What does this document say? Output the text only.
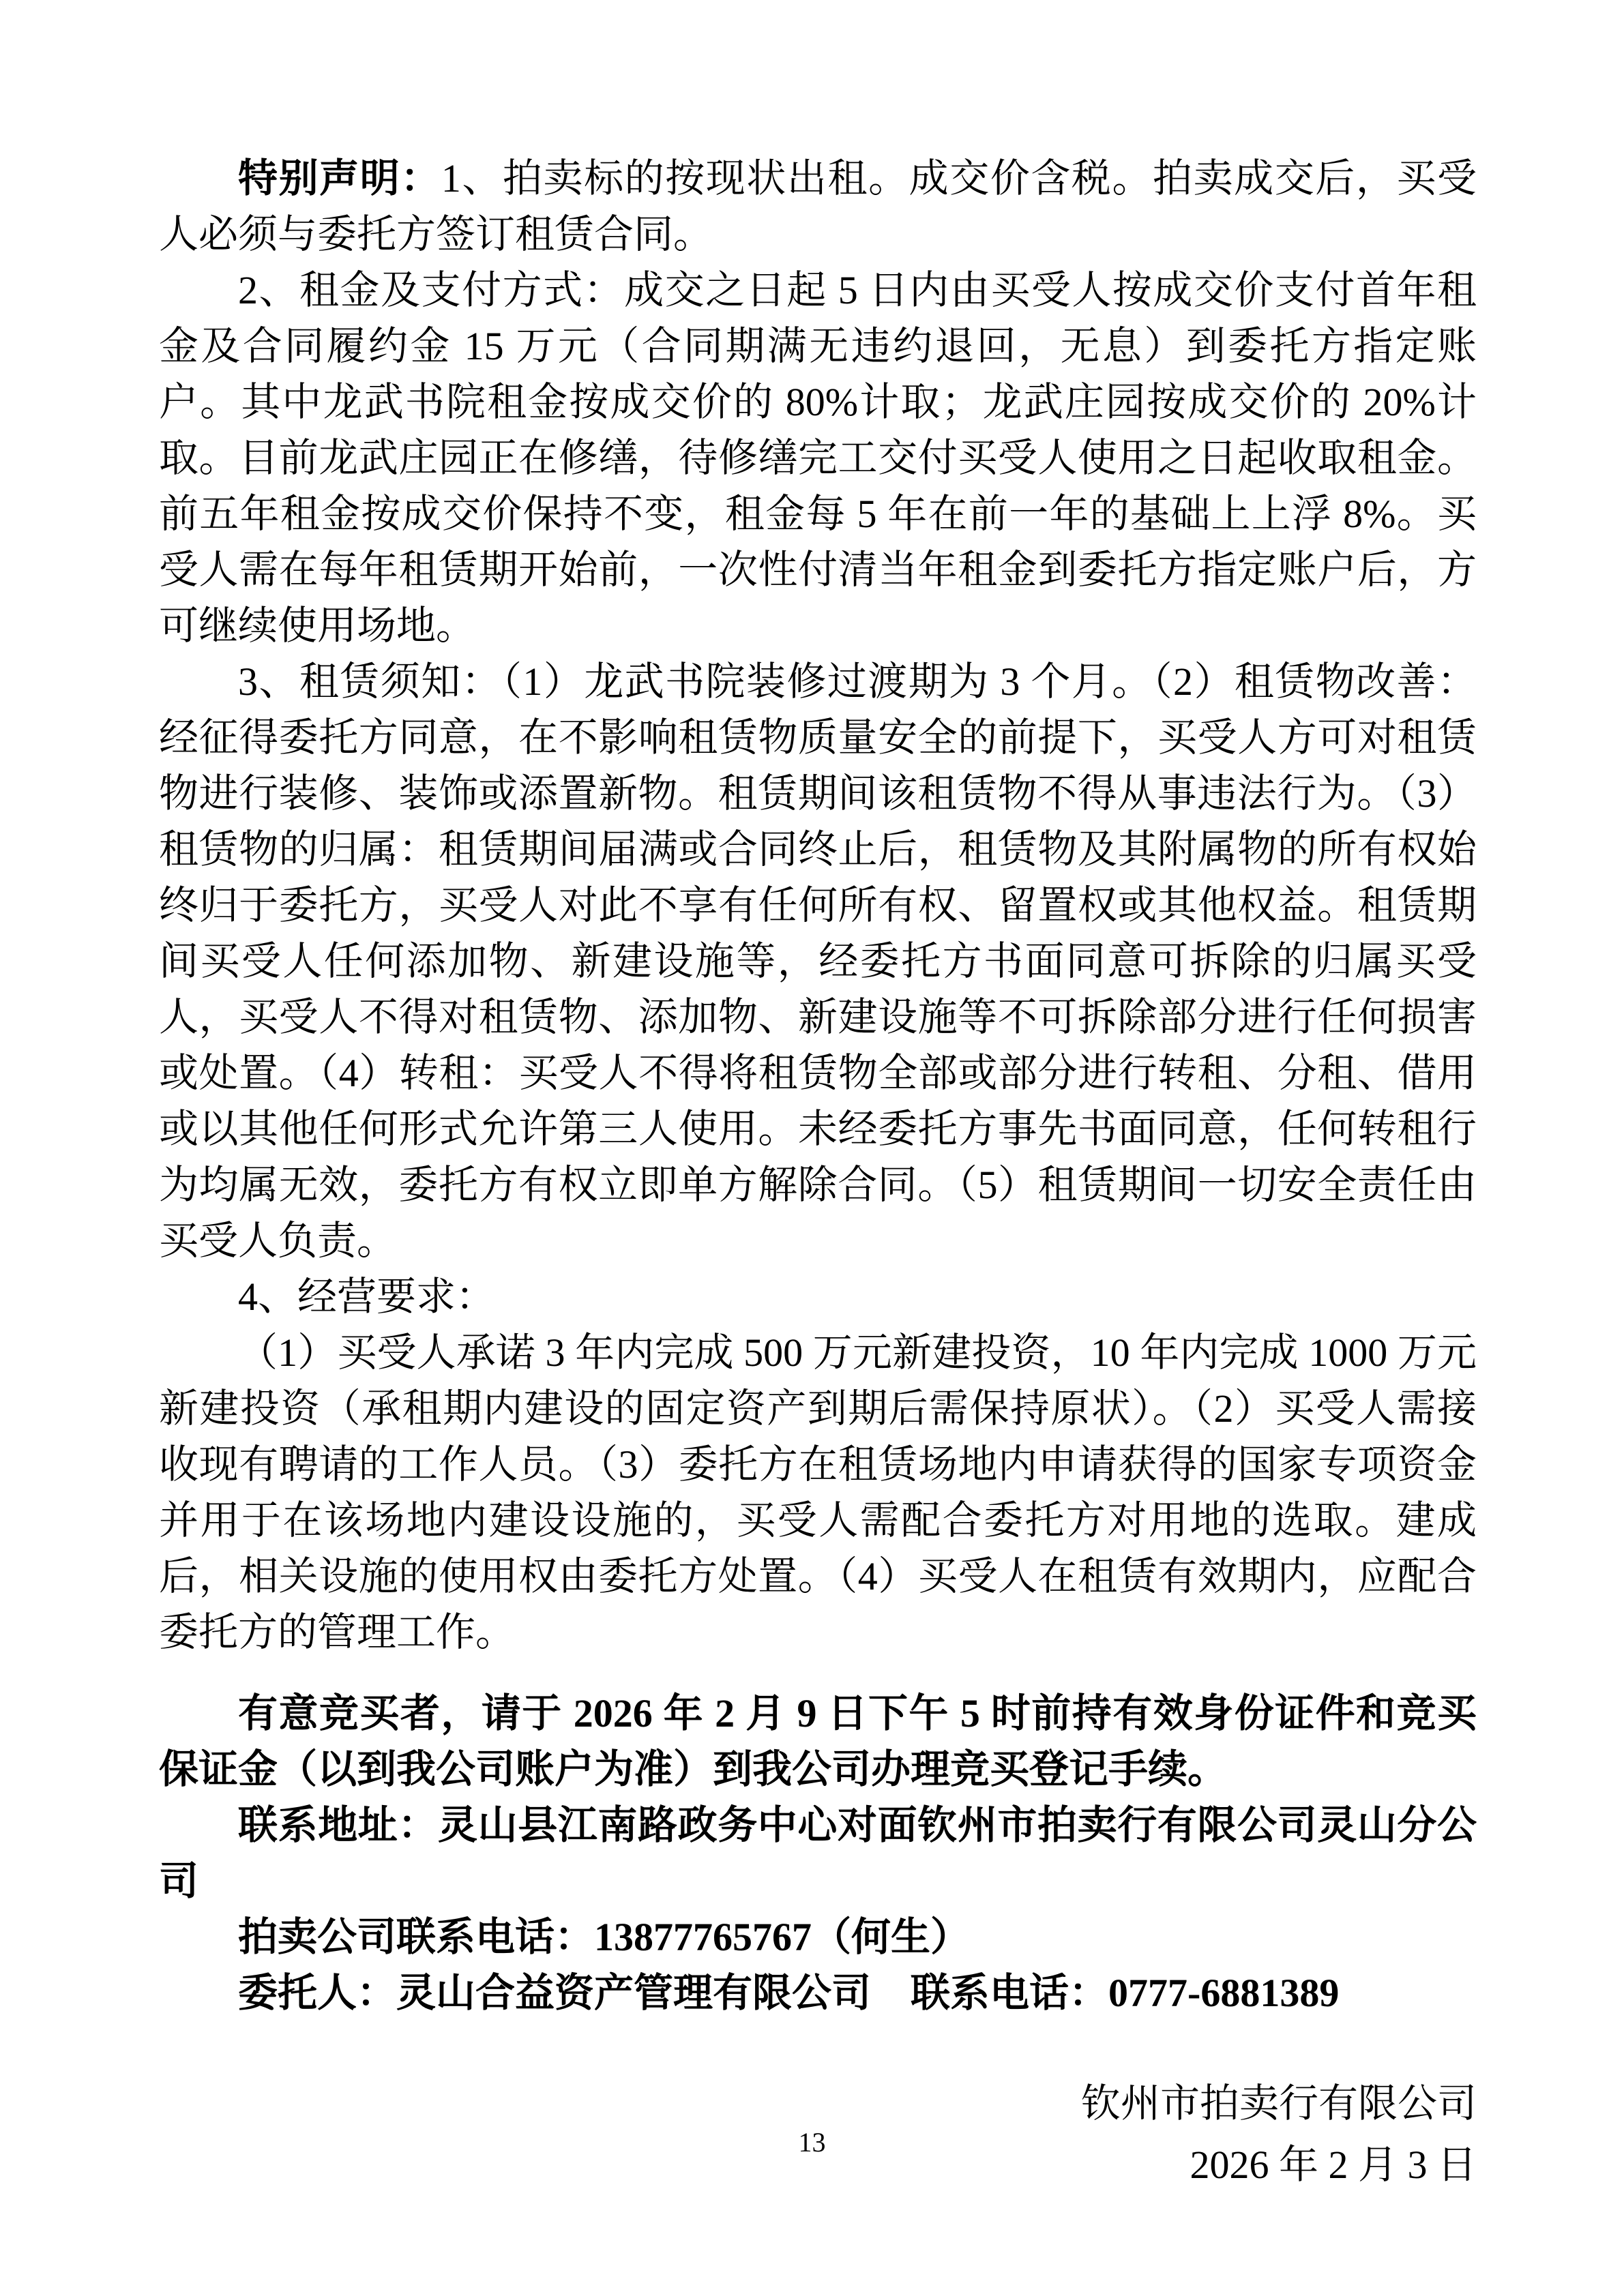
特别声明：1、拍卖标的按现状出租。成交价含税。拍卖成交后，买受人必须与委托方签订租赁合同。

2、租金及支付方式：成交之日起 5 日内由买受人按成交价支付首年租金及合同履约金 15 万元（合同期满无违约退回，无息）到委托方指定账户。其中龙武书院租金按成交价的 80%计取；龙武庄园按成交价的 20%计取。目前龙武庄园正在修缮，待修缮完工交付买受人使用之日起收取租金。前五年租金按成交价保持不变，租金每 5 年在前一年的基础上上浮 8%。买受人需在每年租赁期开始前，一次性付清当年租金到委托方指定账户后，方可继续使用场地。

3、租赁须知：（1）龙武书院装修过渡期为 3 个月。（2）租赁物改善：经征得委托方同意，在不影响租赁物质量安全的前提下，买受人方可对租赁物进行装修、装饰或添置新物。租赁期间该租赁物不得从事违法行为。（3）租赁物的归属：租赁期间届满或合同终止后，租赁物及其附属物的所有权始终归于委托方，买受人对此不享有任何所有权、留置权或其他权益。租赁期间买受人任何添加物、新建设施等，经委托方书面同意可拆除的归属买受人，买受人不得对租赁物、添加物、新建设施等不可拆除部分进行任何损害或处置。（4）转租：买受人不得将租赁物全部或部分进行转租、分租、借用或以其他任何形式允许第三人使用。未经委托方事先书面同意，任何转租行为均属无效，委托方有权立即单方解除合同。（5）租赁期间一切安全责任由买受人负责。

4、经营要求：

（1）买受人承诺 3 年内完成 500 万元新建投资，10 年内完成 1000 万元新建投资（承租期内建设的固定资产到期后需保持原状）。（2）买受人需接收现有聘请的工作人员。（3）委托方在租赁场地内申请获得的国家专项资金并用于在该场地内建设设施的，买受人需配合委托方对用地的选取。建成后，相关设施的使用权由委托方处置。（4）买受人在租赁有效期内，应配合委托方的管理工作。

有意竞买者，请于 2026 年 2 月 9 日下午 5 时前持有效身份证件和竞买保证金（以到我公司账户为准）到我公司办理竞买登记手续。

联系地址：灵山县江南路政务中心对面钦州市拍卖行有限公司灵山分公司

拍卖公司联系电话：13877765767（何生）

委托人：灵山合益资产管理有限公司　联系电话：0777-6881389

钦州市拍卖行有限公司

2026 年 2 月 3 日

13
